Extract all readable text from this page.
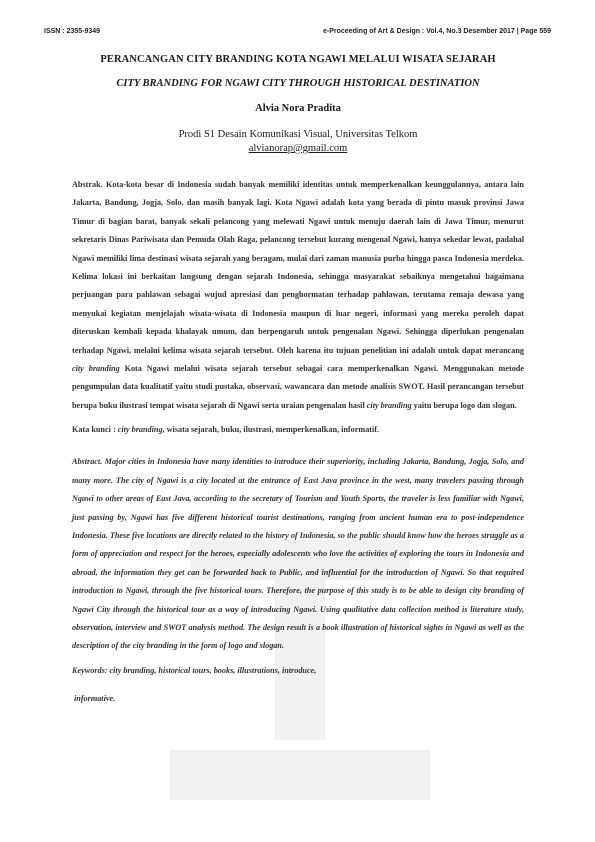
ISSN : 2355-9349	e-Proceeding of Art & Design : Vol.4, No.3 Desember 2017 | Page 559
PERANCANGAN CITY BRANDING KOTA NGAWI MELALUI WISATA SEJARAH
CITY BRANDING FOR NGAWI CITY THROUGH HISTORICAL DESTINATION
Alvia Nora Pradita
Prodi S1 Desain Komunikasi Visual, Universitas Telkom
alvianorap@gmail.com
Abstrak. Kota-kota besar di Indonesia sudah banyak memiliki identitas untuk memperkenalkan keunggulannya, antara lain Jakarta, Bandung, Jogja, Solo, dan masih banyak lagi. Kota Ngawi adalah kota yang berada di pintu masuk provinsi Jawa Timur di bagian barat, banyak sekali pelancong yang melewati Ngawi untuk menuju daerah lain di Jawa Timur, menurut sekretaris Dinas Pariwisata dan Pemuda Olah Raga, pelancong tersebut kurang mengenal Ngawi, hanya sekedar lewat, padahal Ngawi memiliki lima destinasi wisata sejarah yang beragam, mulai dari zaman manusia purba hingga pasca Indonesia merdeka. Kelima lokasi ini berkaitan langsung dengan sejarah Indonesia, sehingga masyarakat sebaiknya mengetahui bagaimana perjuangan para pahlawan sebagai wujud apresiasi dan penghormatan terhadap pahlawan, terutama remaja dewasa yang menyukai kegiatan menjelajah wisata-wisata di Indonesia maupun di luar negeri, informasi yang mereka peroleh dapat diteruskan kembali kepada khalayak umum, dan berpengaruh untuk pengenalan Ngawi. Sehingga diperlukan pengenalan terhadap Ngawi, melalui kelima wisata sejarah tersebut. Oleh karena itu tujuan penelitian ini adalah untuk dapat merancang city branding Kota Ngawi melalui wisata sejarah tersebut sebagai cara memperkenalkan Ngawi. Menggunakan metode pengumpulan data kualitatif yaitu studi pustaka, observasi, wawancara dan metode analisis SWOT. Hasil perancangan tersebut berupa buku ilustrasi tempat wisata sejarah di Ngawi serta uraian pengenalan hasil city branding yaitu berupa logo dan slogan.
Kata kunci : city branding, wisata sejarah, buku, ilustrasi, memperkenalkan, informatif.
Abstract. Major cities in Indonesia have many identities to introduce their superiority, including Jakarta, Bandung, Jogja, Solo, and many more. The city of Ngawi is a city located at the entrance of East Java province in the west, many travelers passing through Ngawi to other areas of East Java, according to the secretary of Tourism and Youth Sports, the traveler is less familiar with Ngawi, just passing by, Ngawi has five different historical tourist destinations, ranging from ancient human era to post-independence Indonesia. These five locations are directly related to the history of Indonesia, so the public should know how the heroes struggle as a form of appreciation and respect for the heroes, especially adolescents who love the activities of exploring the tours in Indonesia and abroad, the information they get can be forwarded back to Public, and influential for the introduction of Ngawi. So that required introduction to Ngawi, through the five historical tours. Therefore, the purpose of this study is to be able to design city branding of Ngawi City through the historical tour as a way of introducing Ngawi. Using qualitative data collection method is literature study, observation, interview and SWOT analysis method. The design result is a book illustration of historical sights in Ngawi as well as the description of the city branding in the form of logo and slogan.
Keywords: city branding, historical tours, books, illustrations, introduce,
informative.
